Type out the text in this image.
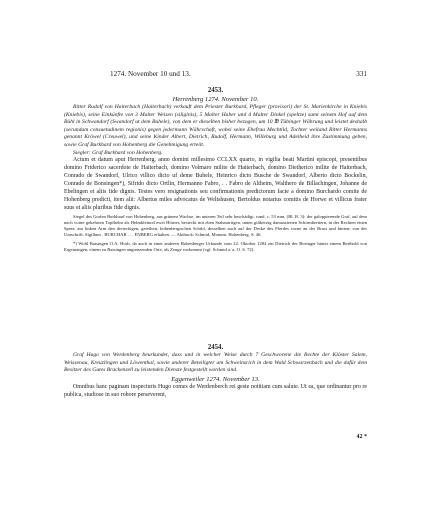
1274. November 10 und 13.	331

2453.

Herrenberg 1274. November 10.

Ritter Rudolf von Haiterbach (Haiterbach) verkauft dem Priester Burkhard, Pfleger (provisori) der St. Marienkirche in Kniebis (Kniebis), seine Einkünfte von 3 Malter Weizen (siliginis), 5 Malter Haber und 4 Malter Dinkel (speltze) samt seinem Hof auf dem Bühl in Schwandorf (Swandorf ut dem Buhele), von dem er dieselben bisher bezogen, um 10 ℔ Tübinger Währung und leistet deshalb (secundum consuetudinem regionis) gegen jedermann Währschaft, wobei seine Ehefrau Mechtild, Tochter weiland Ritter Hermanns genannt Kröwel (Creuwel), und seine Kinder Albert, Dietrich, Rudolf, Hermann, Willeburg und Adelheid ihre Zustimmung geben, sowie Graf Burkhard von Hohenberg die Genehmigung erteilt.

Siegler: Graf Burkhard von Hohenberg.

Actum et datum aput Herrenberg, anno domini millesimo CCLXX quarto, in vigilia beati Martini episcopi, presentibus domino Friderico sacerdote de Haiterbach, domino Volmaro milite de Haiterbach, domino Dietherico milite de Haiterbach, Conrado de Swandorf, Ulrico villico dicto uf deme Buhele, Heinrico dicto Busche de Swandorf, Alberto dicto Bockelin, Conrado de Bonsingen*), Sifrido dicto Ortlin, Hermanno Fabro, . . Fabro de Altheim, Walthero de Billachingen, Johanne de Ebelingen et aliis fide dignis. Testes vero resignationis seu confirmationis predictorum facte a domino Burchardo comite de Hohenberg predicti, item alii: Albertus miles advocatus de Weltshusen, Bertoldus notarius comitis de Horwe et villicus frater suus et aliis pluribus fide dignis.

Siegel des Grafen Burkhard von Hohenberg, aus grünem Wachse, im unteren Teil sehr beschädigt, rund, c. 53 mm, (Bl. B. 3): der galoppierende Graf, auf dem nach vorne gekehrten Topfhelm als Helmkleinod zwei Hörner, besteckt mit eben Stabarartigen, unten giltkerzig damaszierten Schirmbrettern, in der Rechten einen Speer, am linken Arm den dreieckigen, geteilten, hohenbergischen Schild, desselben auch auf der Decke des Pferdes vorne an der Brust und hinten; von der Umschrift: Sigillum . BURCHAR . . . ENBERG erhalten. — Abdruck: Schmid, Monum. Hohenberg. S. 46.

*) Wohl Baisingen O.A. Horb, da auch in einer anderen Hohenberger Urkunde vom 22. Oktober 1284 ein Dietrich der Bosinger hinter einem Berthold von Ergenzingen, einem zu Baisingen angrenzenden Orte, als Zeuge vorkommt (vgl. Schmid a. a. O. S. 72).

2454.

Graf Hugo von Werdenberg beurkundet, dass und in welcher Weise durch 7 Geschworene die Rechte der Klöster Salem, Weissenau, Kreuzlingen und Löwenthal, sowie anderer Beteiligter am Schweinsrich in dem Wald Schwarzenbach und die dafür dem Besitzer des Gutes Brackenzell zu leistenden Dienste festgestellt worden sind.

Eggenweiler 1274. November 13.

Omnibus hanc paginam inspecturis Hugo comes de Werdenberch rei geste notitiam cum salute. Ut ea, que ordinantur pro re publica, studiose in suo robore perseverent,

42 *
